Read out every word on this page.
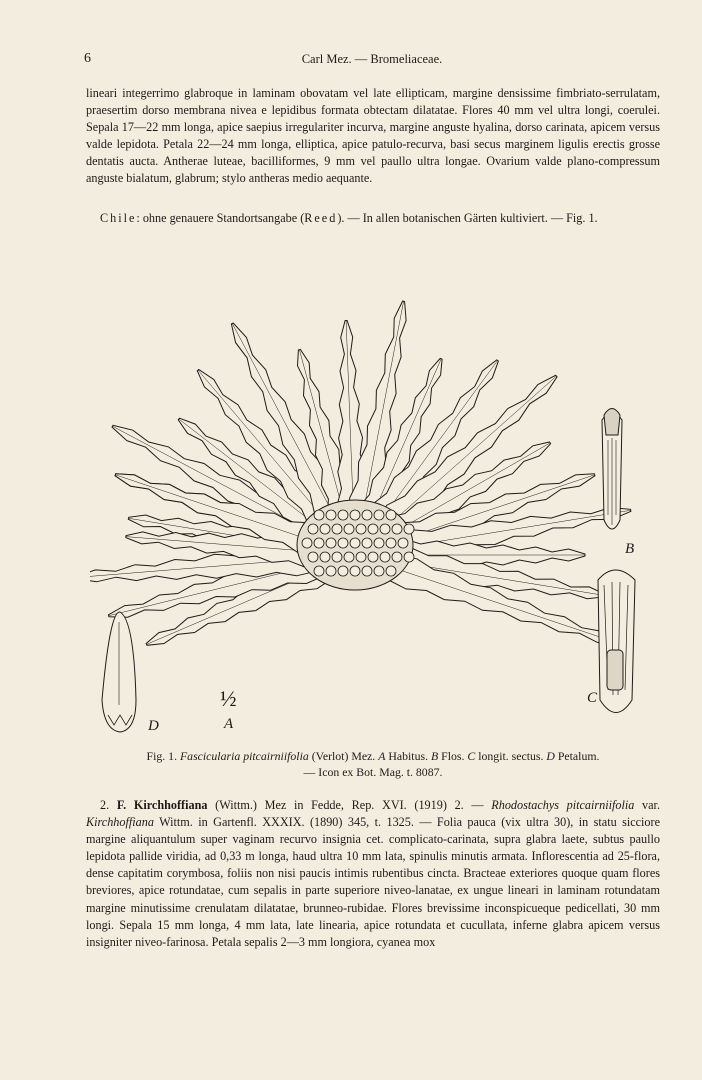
6	Carl Mez. — Bromeliaceae.

lineari integerrimo glabroque in laminam obovatam vel late ellipticam, margine densissime fimbriato-serrulatam, praesertim dorso membrana nivea e lepidibus formata obtectam dilatatae. Flores 40 mm vel ultra longi, coerulei. Sepala 17—22 mm longa, apice saepius irregulariter incurva, margine anguste hyalina, dorso carinata, apicem versus valde lepidota. Petala 22—24 mm longa, elliptica, apice patulo-recurva, basi secus marginem ligulis erectis grosse dentatis aucta. Antherae luteae, bacilliformes, 9 mm vel paullo ultra longae. Ovarium valde plano-compressum anguste bialatum, glabrum; stylo antheras medio aequante.

Chile: ohne genauere Standortsangabe (Reed). — In allen botanischen Gärten kultiviert. — Fig. 1.

B
C
D	A
½

Fig. 1. Fascicularia pitcairniifolia (Verlot) Mez. A Habitus. B Flos. C longit. sectus. D Petalum.
— Icon ex Bot. Mag. t. 8087.

2. F. Kirchhoffiana (Wittm.) Mez in Fedde, Rep. XVI. (1919) 2. — Rhodostachys pitcairniifolia var. Kirchhoffiana Wittm. in Gartenfl. XXXIX. (1890) 345, t. 1325. — Folia pauca (vix ultra 30), in statu sicciore margine aliquantulum super vaginam recurvo insignia cet. complicato-carinata, supra glabra laete, subtus paullo lepidota pallide viridia, ad 0,33 m longa, haud ultra 10 mm lata, spinulis minutis armata. Inflorescentia ad 25-flora, dense capitatim corymbosa, foliis non nisi paucis intimis rubentibus cincta. Bracteae exteriores quoque quam flores breviores, apice rotundatae, cum sepalis in parte superiore niveo-lanatae, ex ungue lineari in laminam rotundatam margine minutissime crenulatam dilatatae, brunneo-rubidae. Flores brevissime inconspicueque pedicellati, 30 mm longi. Sepala 15 mm longa, 4 mm lata, late linearia, apice rotundata et cucullata, inferne glabra apicem versus insigniter niveo-farinosa. Petala sepalis 2—3 mm longiora, cyanea mox
